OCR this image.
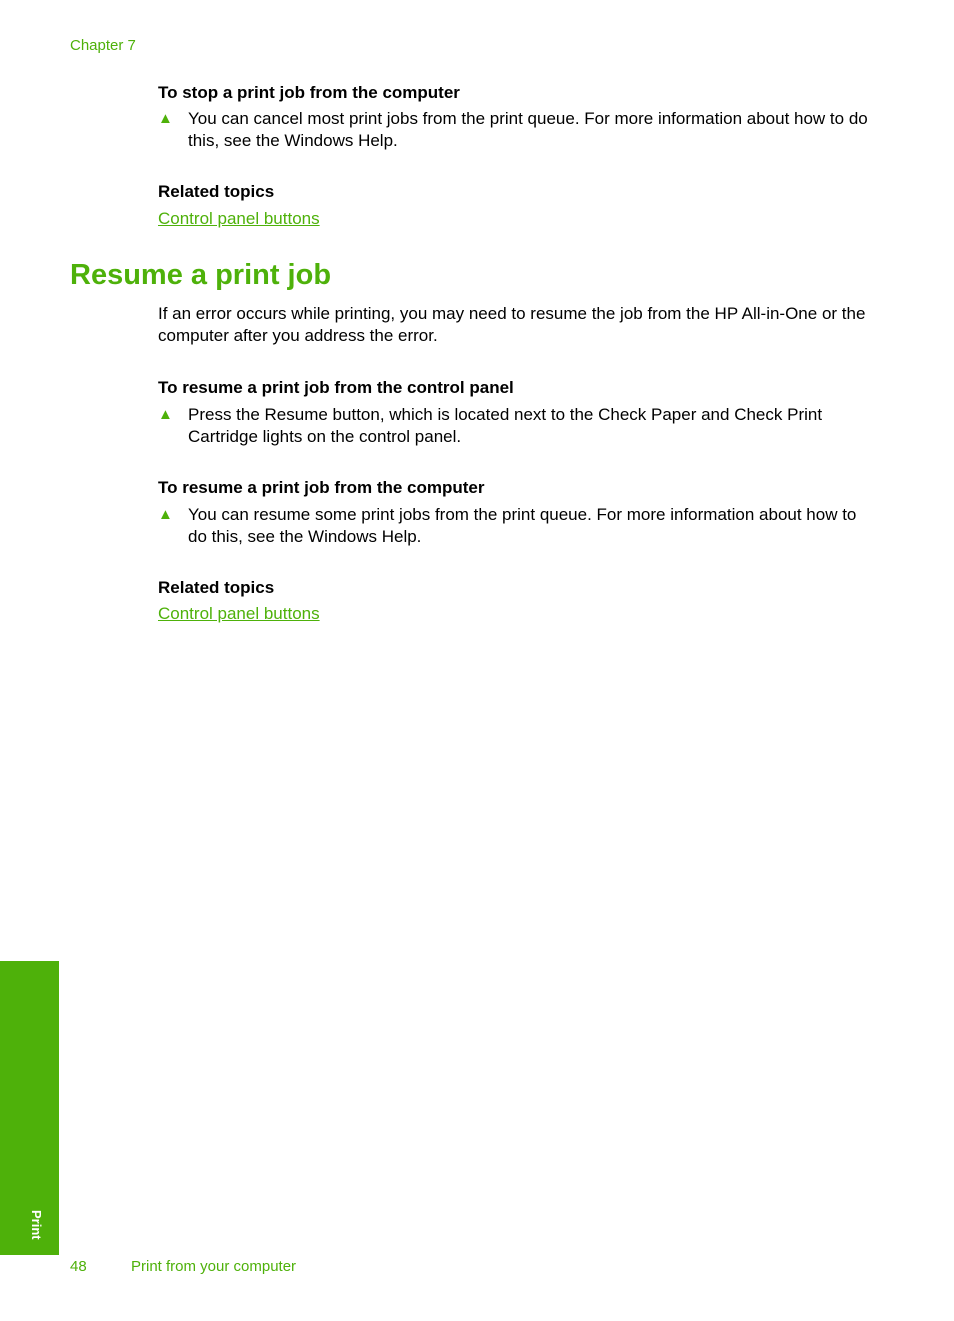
Chapter 7
To stop a print job from the computer
▲ You can cancel most print jobs from the print queue. For more information about how to do this, see the Windows Help.
Related topics
Control panel buttons
Resume a print job
If an error occurs while printing, you may need to resume the job from the HP All-in-One or the computer after you address the error.
To resume a print job from the control panel
▲ Press the Resume button, which is located next to the Check Paper and Check Print Cartridge lights on the control panel.
To resume a print job from the computer
▲ You can resume some print jobs from the print queue. For more information about how to do this, see the Windows Help.
Related topics
Control panel buttons
Print
48	Print from your computer
